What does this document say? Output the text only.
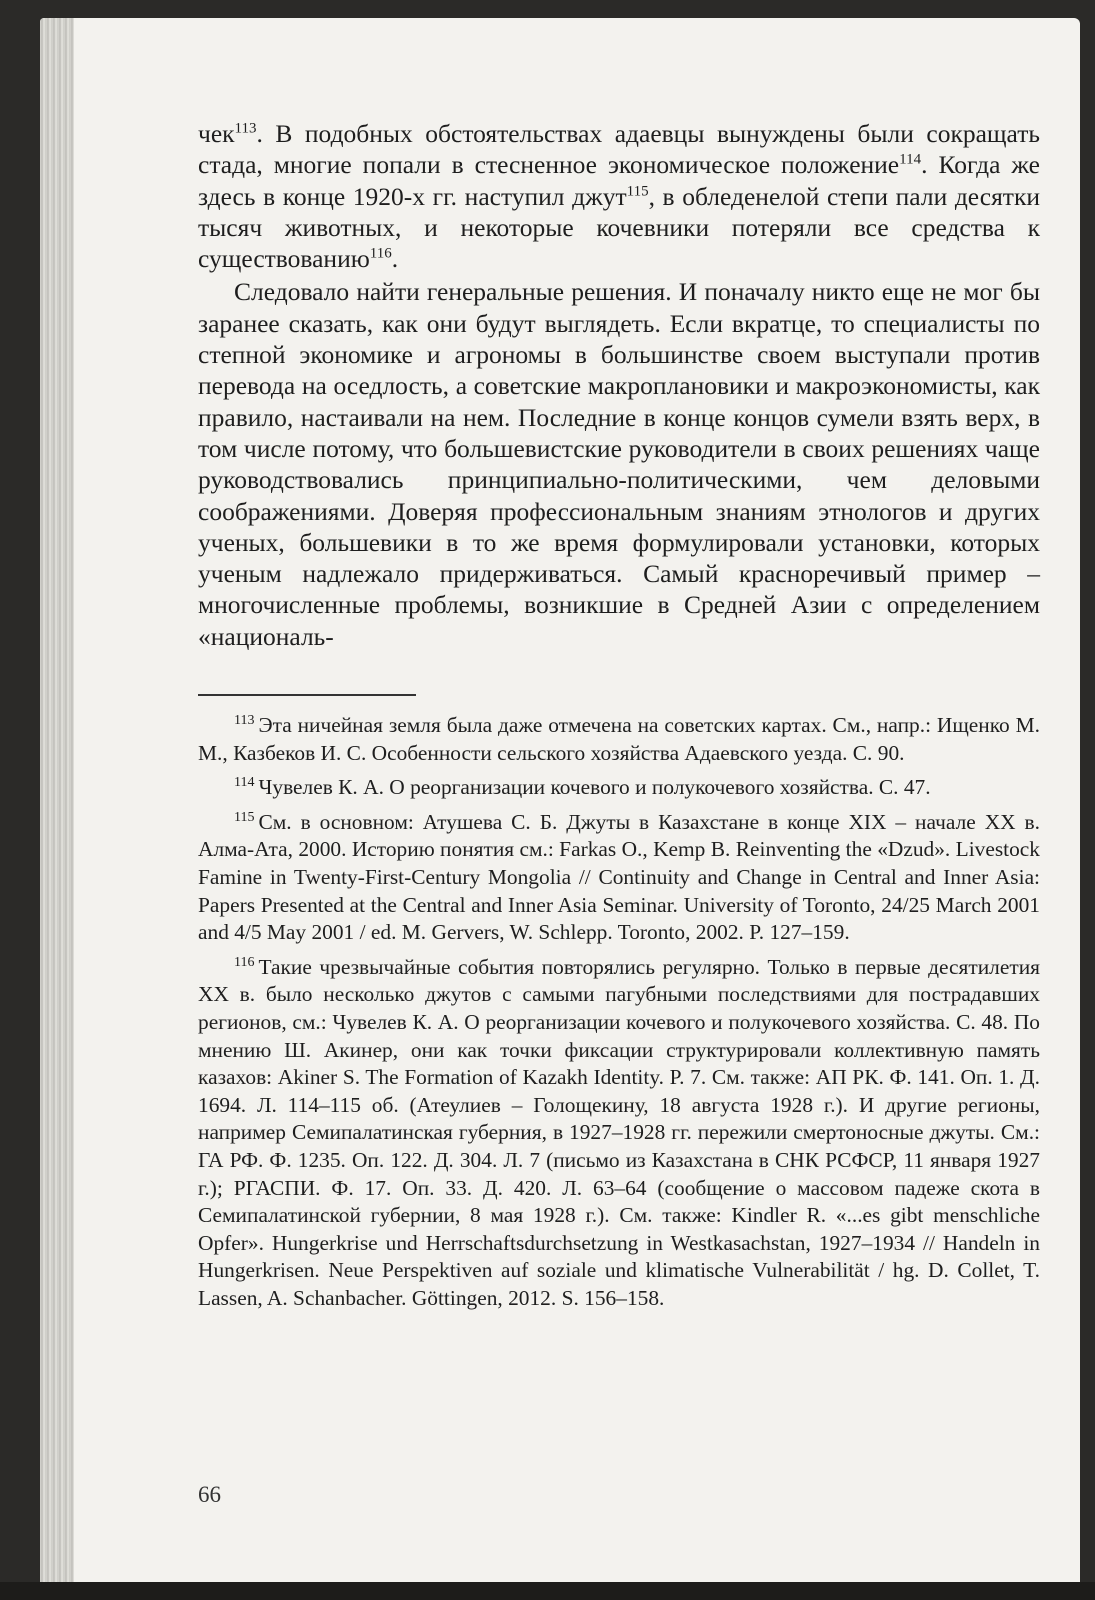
чек$^{113}$. В подобных обстоятельствах адаевцы вынуждены были сокращать стада, многие попали в стесненное экономическое положение$^{114}$. Когда же здесь в конце 1920-х гг. наступил джут$^{115}$, в обледенелой степи пали десятки тысяч животных, и некоторые кочевники потеряли все средства к существованию$^{116}$.

Следовало найти генеральные решения. И поначалу никто еще не мог бы заранее сказать, как они будут выглядеть. Если вкратце, то специалисты по степной экономике и агрономы в большинстве своем выступали против перевода на оседлость, а советские макроплановики и макроэкономисты, как правило, настаивали на нем. Последние в конце концов сумели взять верх, в том числе потому, что большевистские руководители в своих решениях чаще руководствовались принципиально-политическими, чем деловыми соображениями. Доверяя профессиональным знаниям этнологов и других ученых, большевики в то же время формулировали установки, которых ученым надлежало придерживаться. Самый красноречивый пример – многочисленные проблемы, возникшие в Средней Азии с определением «националь-

$^{113}$ Эта ничейная земля была даже отмечена на советских картах. См., напр.: Ищенко М. М., Казбеков И. С. Особенности сельского хозяйства Адаевского уезда. С. 90.

$^{114}$ Чувелев К. А. О реорганизации кочевого и полукочевого хозяйства. С. 47.

$^{115}$ См. в основном: Атушева С. Б. Джуты в Казахстане в конце XIX – начале XX в. Алма-Ата, 2000. Историю понятия см.: Farkas O., Kemp B. Reinventing the «Dzud». Livestock Famine in Twenty-First-Century Mongolia // Continuity and Change in Central and Inner Asia: Papers Presented at the Central and Inner Asia Seminar. University of Toronto, 24/25 March 2001 and 4/5 May 2001 / ed. M. Gervers, W. Schlepp. Toronto, 2002. P. 127–159.

$^{116}$ Такие чрезвычайные события повторялись регулярно. Только в первые десятилетия XX в. было несколько джутов с самыми пагубными последствиями для пострадавших регионов, см.: Чувелев К. А. О реорганизации кочевого и полукочевого хозяйства. С. 48. По мнению Ш. Акинер, они как точки фиксации структурировали коллективную память казахов: Akiner S. The Formation of Kazakh Identity. P. 7. См. также: АП РК. Ф. 141. Оп. 1. Д. 1694. Л. 114–115 об. (Атеулиев – Голощекину, 18 августа 1928 г.). И другие регионы, например Семипалатинская губерния, в 1927–1928 гг. пережили смертоносные джуты. См.: ГА РФ. Ф. 1235. Оп. 122. Д. 304. Л. 7 (письмо из Казахстана в СНК РСФСР, 11 января 1927 г.); РГАСПИ. Ф. 17. Оп. 33. Д. 420. Л. 63–64 (сообщение о массовом падеже скота в Семипалатинской губернии, 8 мая 1928 г.). См. также: Kindler R. «...es gibt menschliche Opfer». Hungerkrise und Herrschaftsdurchsetzung in Westkasachstan, 1927–1934 // Handeln in Hungerkrisen. Neue Perspektiven auf soziale und klimatische Vulnerabilität / hg. D. Collet, T. Lassen, A. Schanbacher. Göttingen, 2012. S. 156–158.

66
